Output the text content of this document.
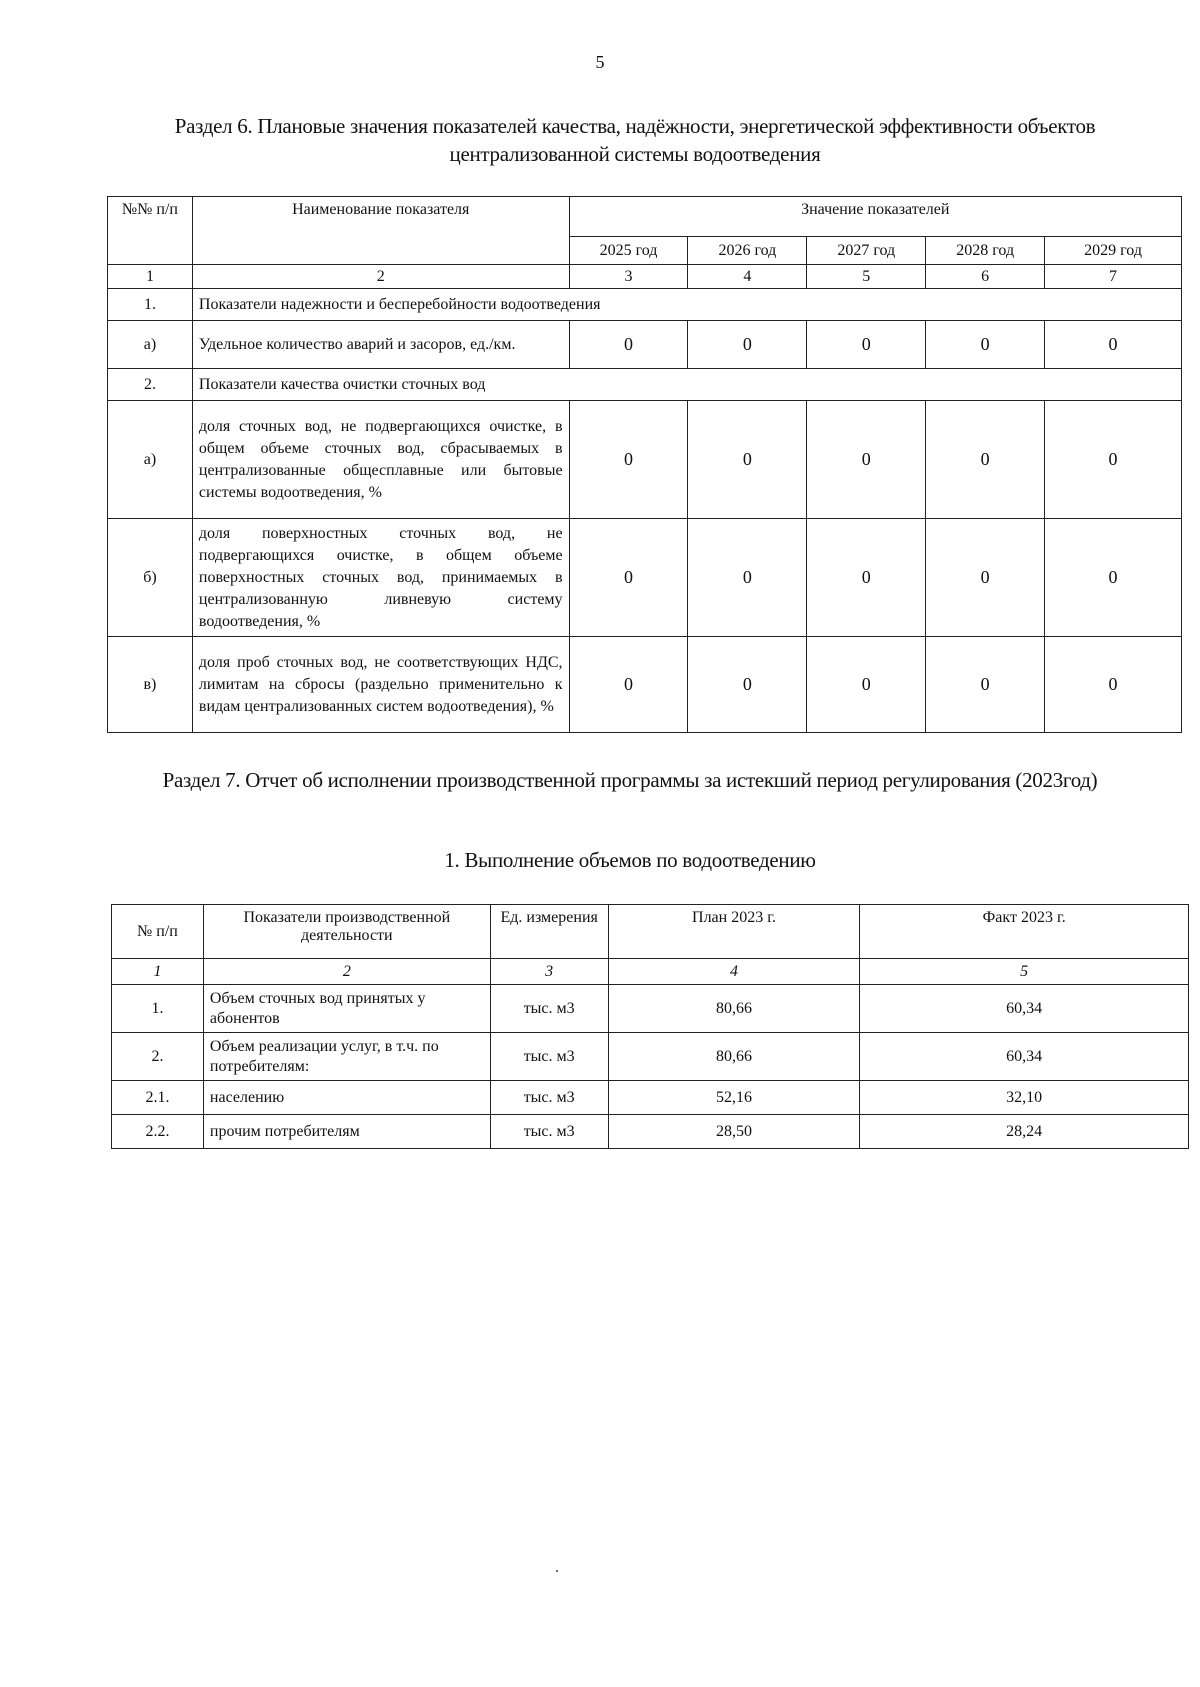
5
Раздел 6. Плановые значения показателей качества, надёжности, энергетической эффективности объектов централизованной системы водоотведения
№№ п/п	Наименование показателя	Значение показателей				
		2025 год	2026 год	2027 год	2028 год	2029 год
1	2	3	4	5	6	7
1.	Показатели надежности и бесперебойности водоотведения					
а)	Удельное количество аварий и засоров, ед./км.	0	0	0	0	0
2.	Показатели качества очистки сточных вод					
а)	доля сточных вод, не подвергающихся очистке, в общем объеме сточных вод, сбрасываемых в централизованные общесплавные или бытовые системы водоотведения, %	0	0	0	0	0
б)	доля поверхностных сточных вод, не подвергающихся очистке, в общем объеме поверхностных сточных вод, принимаемых в централизованную ливневую систему водоотведения, %	0	0	0	0	0
в)	доля проб сточных вод, не соответствующих НДС, лимитам на сбросы (раздельно применительно к видам централизованных систем водоотведения), %	0	0	0	0	0
Раздел 7. Отчет об исполнении производственной программы за истекший период регулирования (2023год)
1. Выполнение объемов по водоотведению
№ п/п	Показатели производственной деятельности	Ед. измерения	План 2023 г.	Факт 2023 г.
1	2	3	4	5
1.	Объем сточных вод принятых у абонентов	тыс. м3	80,66	60,34
2.	Объем реализации услуг, в т.ч. по потребителям:	тыс. м3	80,66	60,34
2.1.	населению	тыс. м3	52,16	32,10
2.2.	прочим потребителям	тыс. м3	28,50	28,24
